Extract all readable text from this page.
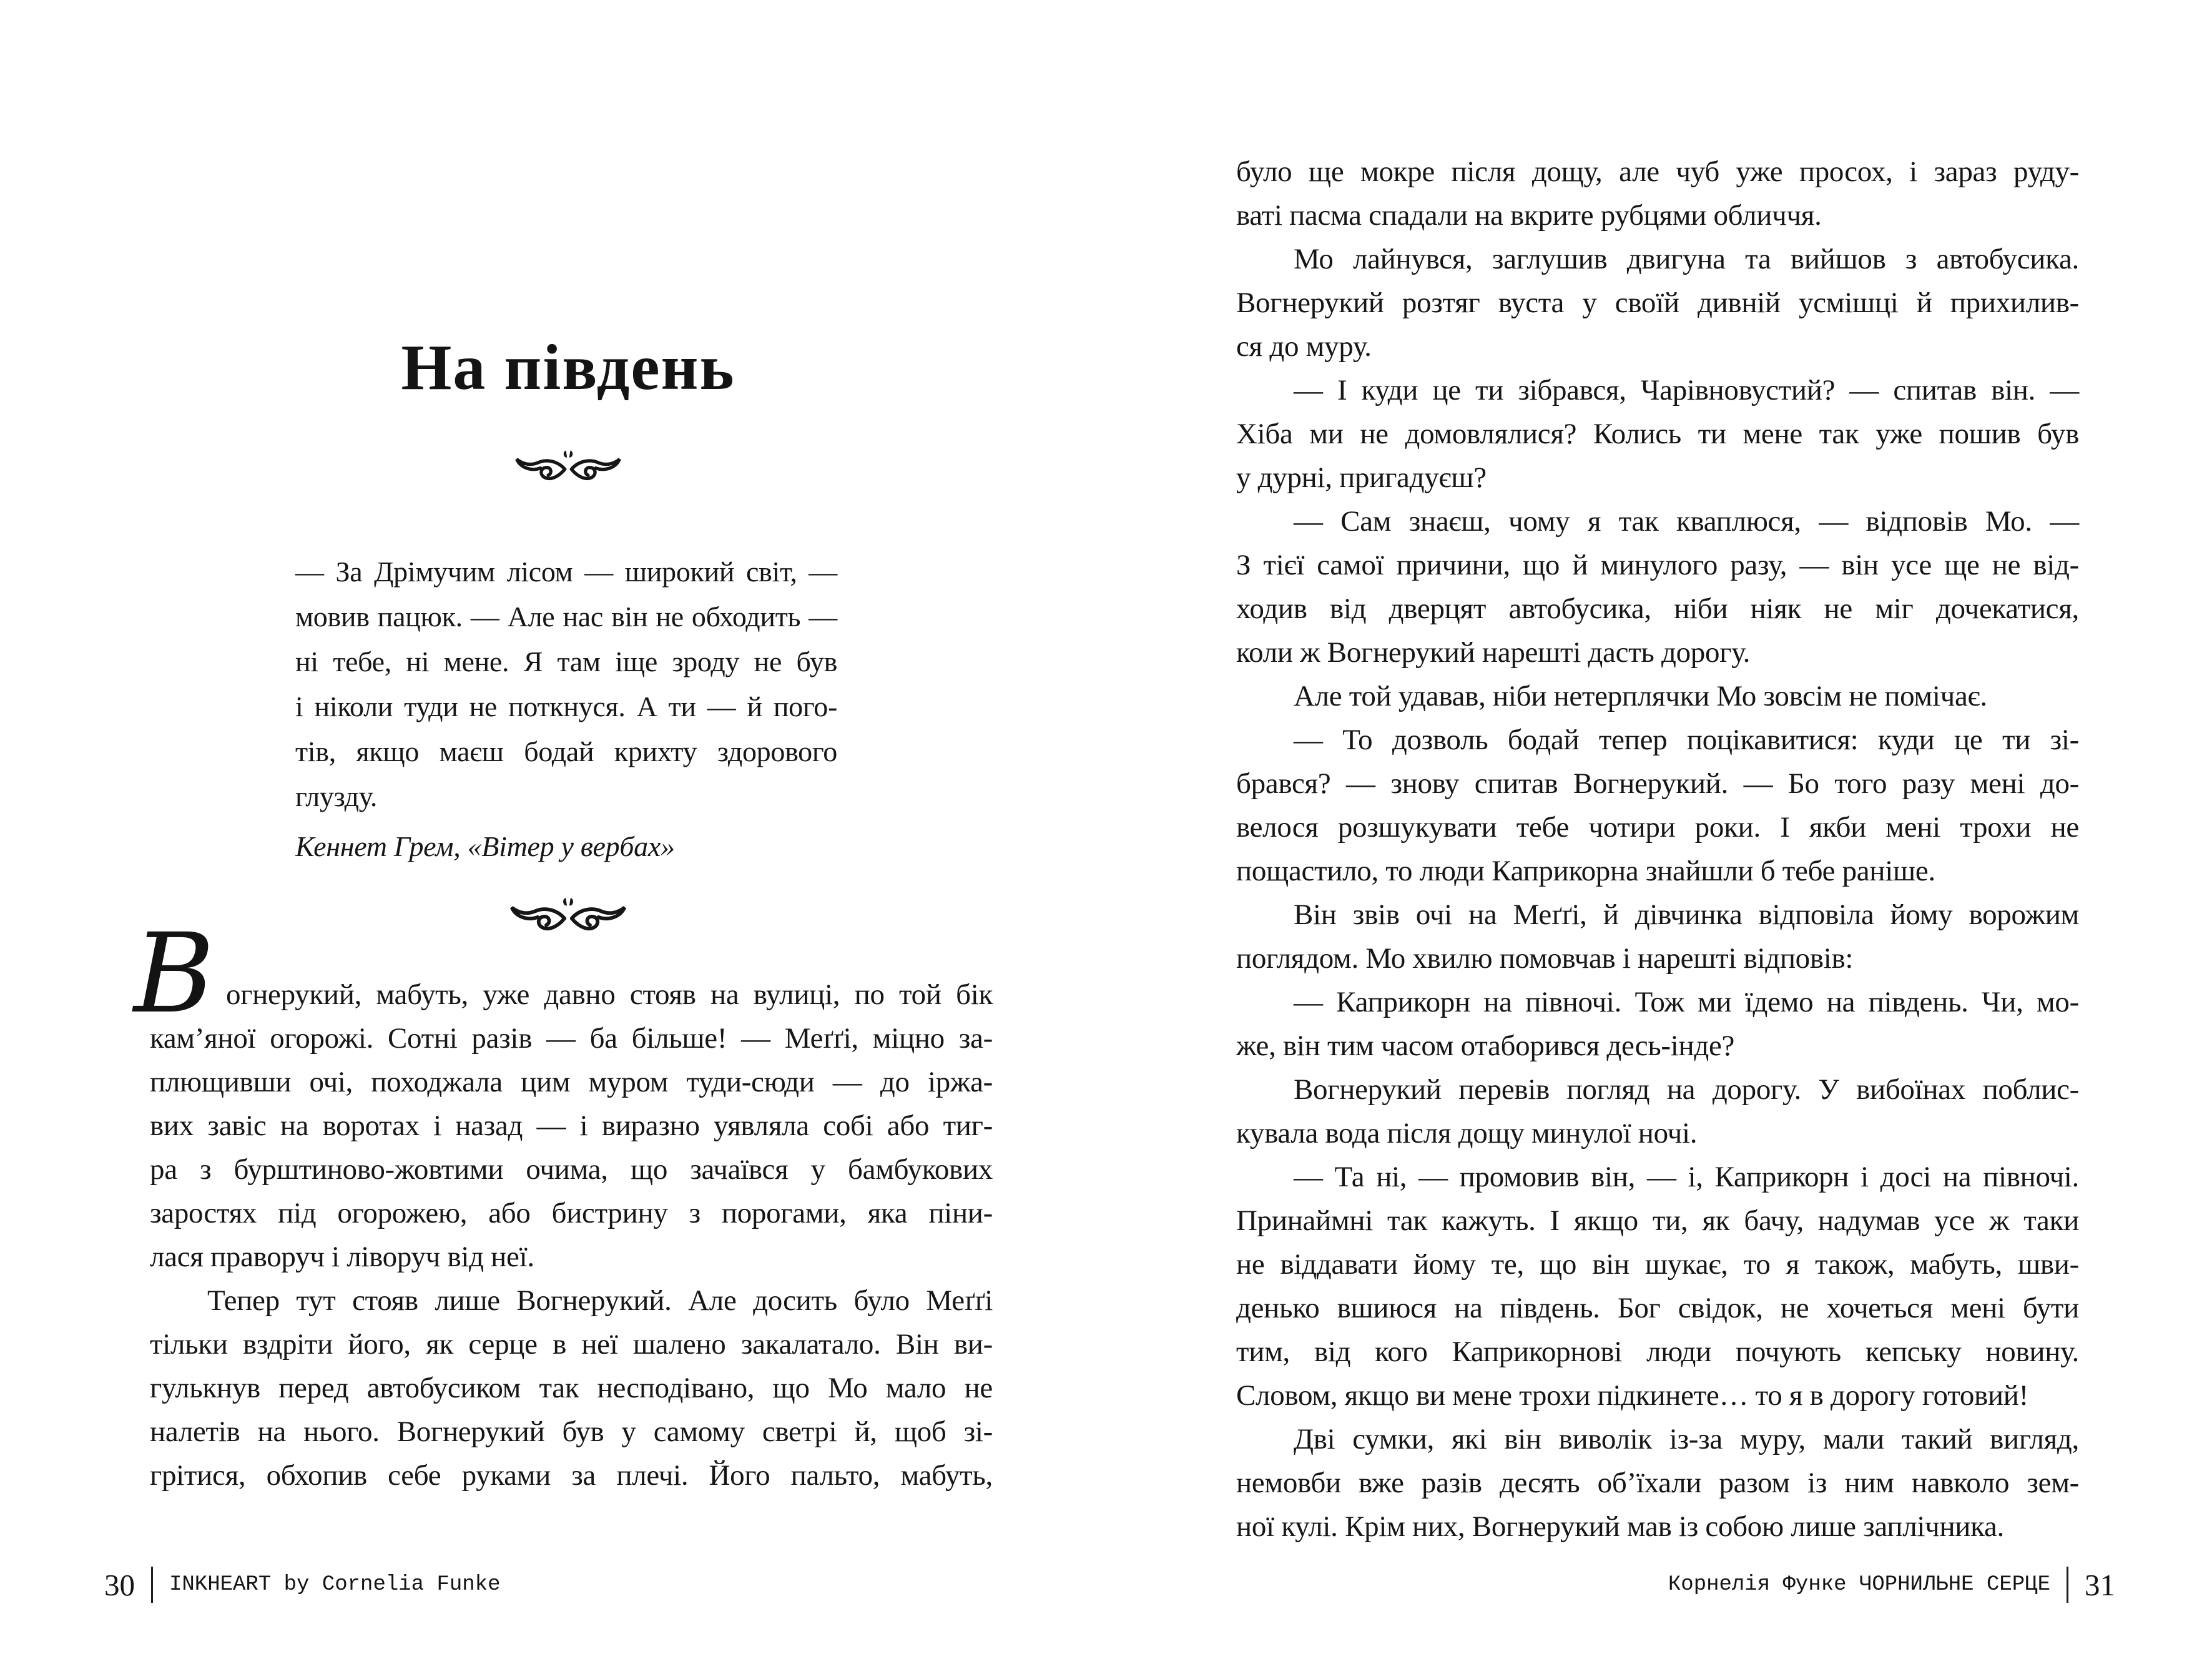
На південь
— За Дрімучим лісом — широкий світ, —
мовив пацюк. — Але нас він не обходить —
ні тебе, ні мене. Я там іще зроду не був
і ніколи туди не поткнуся. А ти — й пого-
тів, якщо маєш бодай крихту здорового
глузду.
Кеннет Грем, «Вітер у вербах»
В огнерукий, мабуть, уже давно стояв на вулиці, по той бік
кам’яної огорожі. Сотні разів — ба більше! — Меґґі, міцно за-
плющивши очі, походжала цим муром туди-сюди — до іржа-
вих завіс на воротах і назад — і виразно уявляла собі або тиг-
ра з бурштиново-жовтими очима, що зачаївся у бамбукових
заростях під огорожею, або бистрину з порогами, яка піни-
лася праворуч і ліворуч від неї.
Тепер тут стояв лише Вогнерукий. Але досить було Меґґі
тільки вздріти його, як серце в неї шалено закалатало. Він ви-
гулькнув перед автобусиком так несподівано, що Мо мало не
налетів на нього. Вогнерукий був у самому светрі й, щоб зі-
грітися, обхопив себе руками за плечі. Його пальто, мабуть,
30 INKHEART by Cornelia Funke
було ще мокре після дощу, але чуб уже просох, і зараз руду-
ваті пасма спадали на вкрите рубцями обличчя.
Мо лайнувся, заглушив двигуна та вийшов з автобусика.
Вогнерукий розтяг вуста у своїй дивній усмішці й прихилив-
ся до муру.
— І куди це ти зібрався, Чарівновустий? — спитав він. —
Хіба ми не домовлялися? Колись ти мене так уже пошив був
у дурні, пригадуєш?
— Сам знаєш, чому я так кваплюся, — відповів Мо. —
З тієї самої причини, що й минулого разу, — він усе ще не від-
ходив від дверцят автобусика, ніби ніяк не міг дочекатися,
коли ж Вогнерукий нарешті дасть дорогу.
Але той удавав, ніби нетерплячки Мо зовсім не помічає.
— То дозволь бодай тепер поцікавитися: куди це ти зі-
брався? — знову спитав Вогнерукий. — Бо того разу мені до-
велося розшукувати тебе чотири роки. І якби мені трохи не
пощастило, то люди Каприкорна знайшли б тебе раніше.
Він звів очі на Меґґі, й дівчинка відповіла йому ворожим
поглядом. Мо хвилю помовчав і нарешті відповів:
— Каприкорн на півночі. Тож ми їдемо на південь. Чи, мо-
же, він тим часом отаборився десь-інде?
Вогнерукий перевів погляд на дорогу. У вибоїнах поблис-
кувала вода після дощу минулої ночі.
— Та ні, — промовив він, — і, Каприкорн і досі на півночі.
Принаймні так кажуть. І якщо ти, як бачу, надумав усе ж таки
не віддавати йому те, що він шукає, то я також, мабуть, шви-
денько вшиюся на південь. Бог свідок, не хочеться мені бути
тим, від кого Каприкорнові люди почують кепську новину.
Словом, якщо ви мене трохи підкинете… то я в дорогу готовий!
Дві сумки, які він виволік із-за муру, мали такий вигляд,
немовби вже разів десять об’їхали разом із ним навколо зем-
ної кулі. Крім них, Вогнерукий мав із собою лише заплічника.
Корнелія Функе ЧОРНИЛЬНЕ СЕРЦЕ 31
